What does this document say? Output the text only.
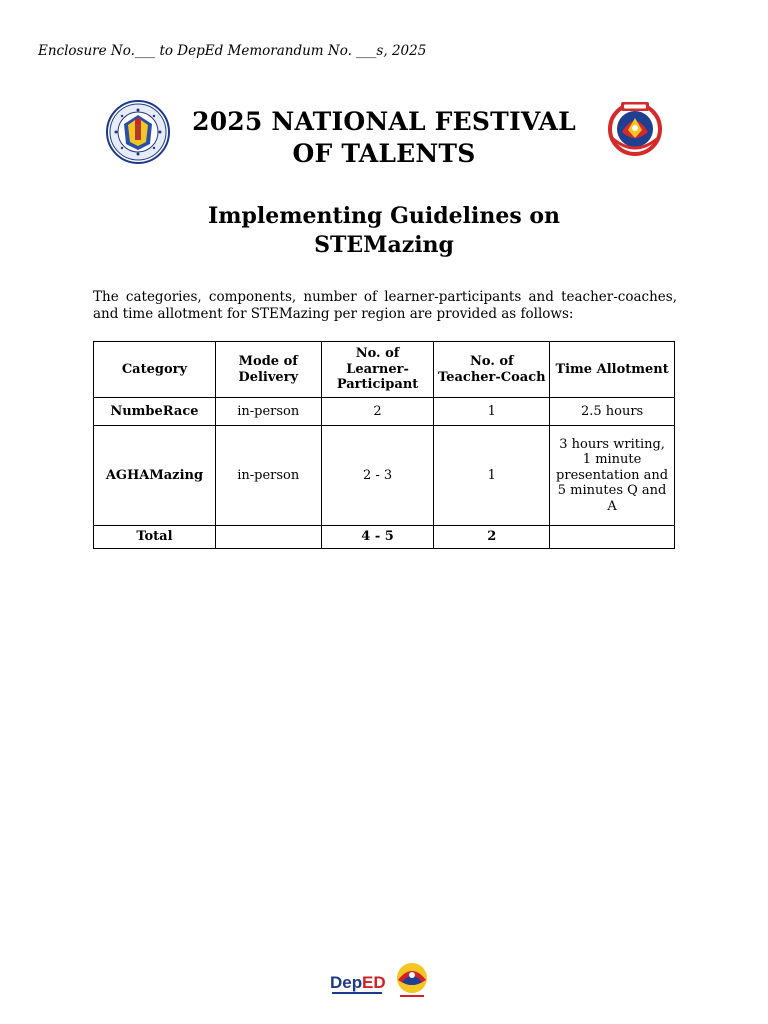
Enclosure No.___ to DepEd Memorandum No. ___s, 2025
2025 NATIONAL FESTIVAL
OF TALENTS
Implementing Guidelines on
STEMazing
The categories, components, number of learner-participants and teacher-coaches, and time allotment for STEMazing per region are provided as follows:
Category	Mode of Delivery	No. of Learner-Participant	No. of Teacher-Coach	Time Allotment
NumbeRace	in-person	2	1	2.5 hours
AGHAMazing	in-person	2 - 3	1	3 hours writing, 1 minute presentation and 5 minutes Q and A
Total		4 - 5	2	
Dep ED
